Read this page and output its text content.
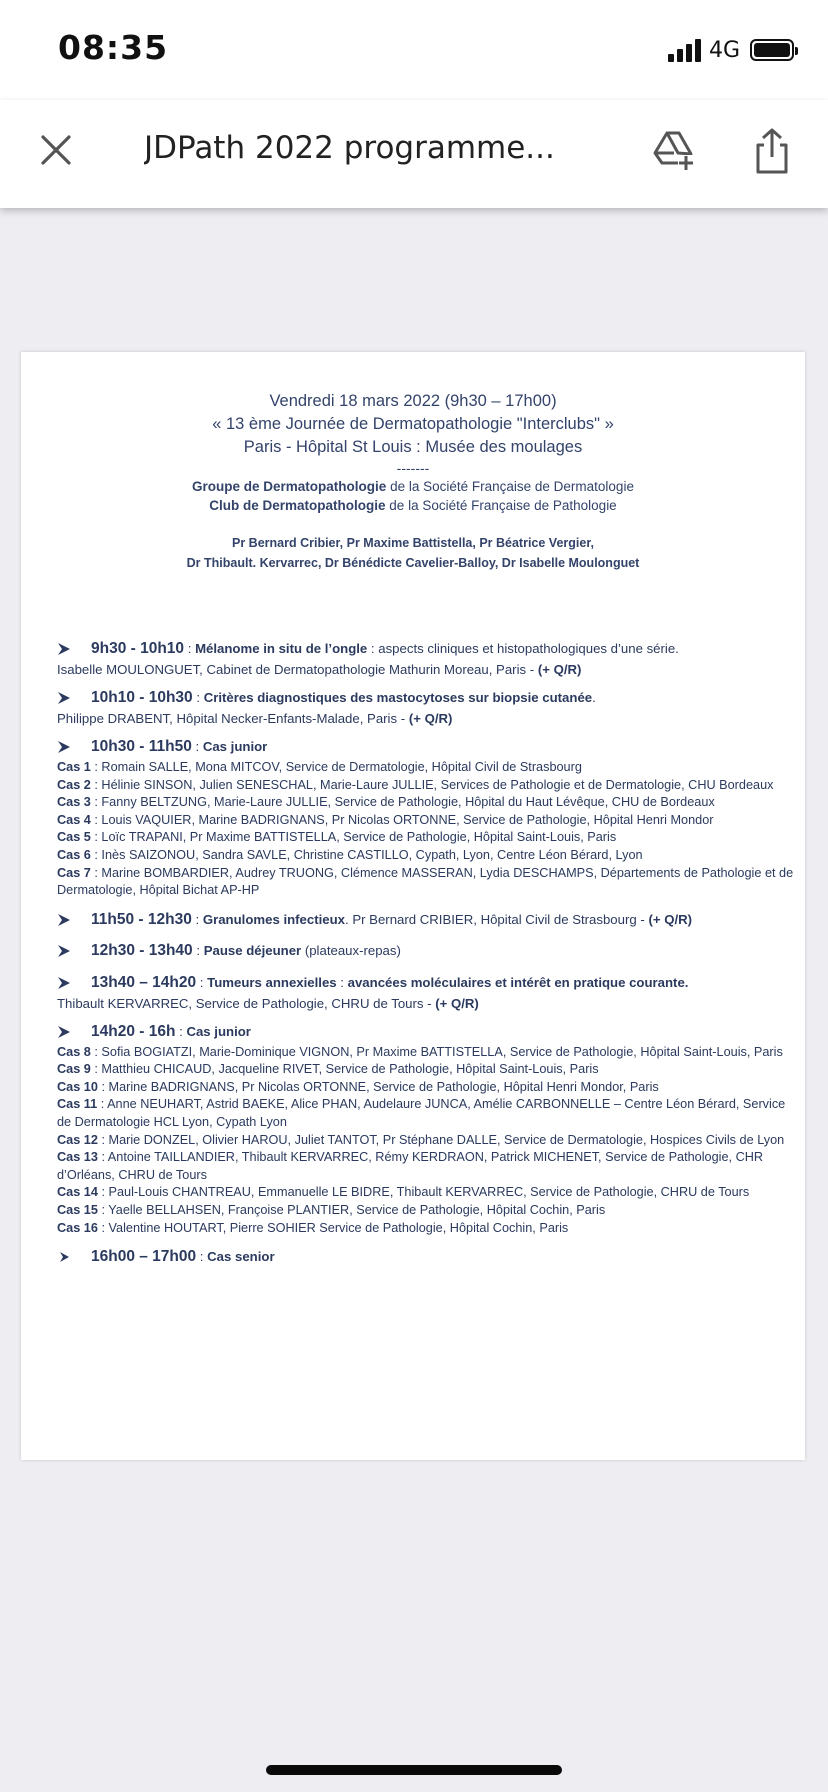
08:35	4G
JDPath 2022 programme...
Vendredi 18 mars 2022 (9h30 – 17h00)
« 13 ème Journée de Dermatopathologie "Interclubs" »
Paris - Hôpital St Louis : Musée des moulages
-------
Groupe de Dermatopathologie de la Société Française de Dermatologie
Club de Dermatopathologie de la Société Française de Pathologie
Pr Bernard Cribier, Pr Maxime Battistella, Pr Béatrice Vergier,
Dr Thibault. Kervarrec, Dr Bénédicte Cavelier-Balloy, Dr Isabelle Moulonguet
9h30 - 10h10 : Mélanome in situ de l’ongle : aspects cliniques et histopathologiques d’une série.
Isabelle MOULONGUET, Cabinet de Dermatopathologie Mathurin Moreau, Paris - (+ Q/R)
10h10 - 10h30 : Critères diagnostiques des mastocytoses sur biopsie cutanée.
Philippe DRABENT, Hôpital Necker-Enfants-Malade, Paris - (+ Q/R)
10h30 - 11h50 : Cas junior
Cas 1 : Romain SALLE, Mona MITCOV, Service de Dermatologie, Hôpital Civil de Strasbourg
Cas 2 : Hélinie SINSON, Julien SENESCHAL, Marie-Laure JULLIE, Services de Pathologie et de Dermatologie, CHU Bordeaux
Cas 3 : Fanny BELTZUNG, Marie-Laure JULLIE, Service de Pathologie, Hôpital du Haut Lévêque, CHU de Bordeaux
Cas 4 : Louis VAQUIER, Marine BADRIGNANS, Pr Nicolas ORTONNE, Service de Pathologie, Hôpital Henri Mondor
Cas 5 : Loïc TRAPANI, Pr Maxime BATTISTELLA, Service de Pathologie, Hôpital Saint-Louis, Paris
Cas 6 : Inès SAIZONOU, Sandra SAVLE, Christine CASTILLO, Cypath, Lyon, Centre Léon Bérard, Lyon
Cas 7 : Marine BOMBARDIER, Audrey TRUONG, Clémence MASSERAN, Lydia DESCHAMPS, Départements de Pathologie et de Dermatologie, Hôpital Bichat AP-HP
11h50 - 12h30 : Granulomes infectieux. Pr Bernard CRIBIER, Hôpital Civil de Strasbourg - (+ Q/R)
12h30 - 13h40 : Pause déjeuner (plateaux-repas)
13h40 – 14h20 : Tumeurs annexielles : avancées moléculaires et intérêt en pratique courante.
Thibault KERVARREC, Service de Pathologie, CHRU de Tours - (+ Q/R)
14h20 - 16h : Cas junior
Cas 8 : Sofia BOGIATZI, Marie-Dominique VIGNON, Pr Maxime BATTISTELLA, Service de Pathologie, Hôpital Saint-Louis, Paris
Cas 9 : Matthieu CHICAUD, Jacqueline RIVET, Service de Pathologie, Hôpital Saint-Louis, Paris
Cas 10 : Marine BADRIGNANS, Pr Nicolas ORTONNE, Service de Pathologie, Hôpital Henri Mondor, Paris
Cas 11 : Anne NEUHART, Astrid BAEKE, Alice PHAN, Audelaure JUNCA, Amélie CARBONNELLE – Centre Léon Bérard, Service de Dermatologie HCL Lyon, Cypath Lyon
Cas 12 : Marie DONZEL, Olivier HAROU, Juliet TANTOT, Pr Stéphane DALLE, Service de Dermatologie, Hospices Civils de Lyon
Cas 13 : Antoine TAILLANDIER, Thibault KERVARREC, Rémy KERDRAON, Patrick MICHENET, Service de Pathologie, CHR d’Orléans, CHRU de Tours
Cas 14 : Paul-Louis CHANTREAU, Emmanuelle LE BIDRE, Thibault KERVARREC, Service de Pathologie, CHRU de Tours
Cas 15 : Yaelle BELLAHSEN, Françoise PLANTIER, Service de Pathologie, Hôpital Cochin, Paris
Cas 16 : Valentine HOUTART, Pierre SOHIER Service de Pathologie, Hôpital Cochin, Paris
16h00 – 17h00 : Cas senior
